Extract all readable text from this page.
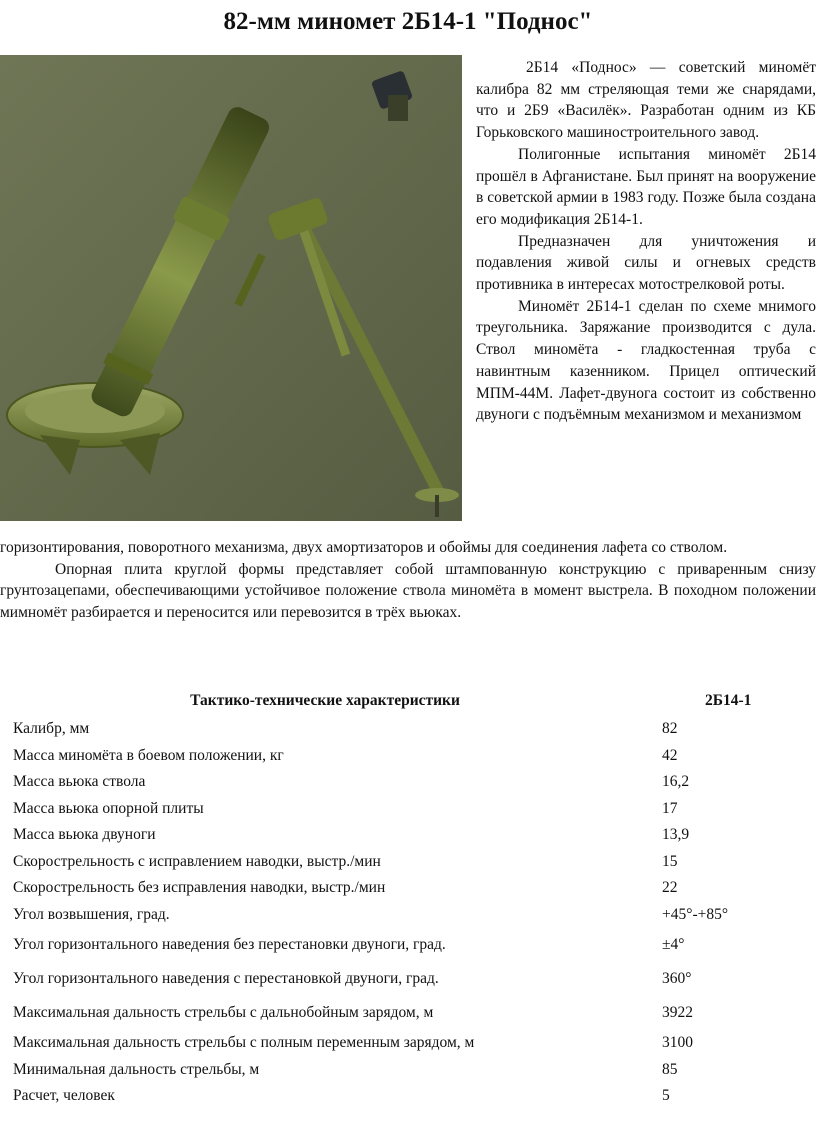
82-мм миномет 2Б14-1 "Поднос"

2Б14 «Поднос» — советский миномёт калибра 82 мм стреляющая теми же снарядами, что и 2Б9 «Василёк». Разработан одним из КБ Горьковского машиностроительного завод.

Полигонные испытания миномёт 2Б14 прошёл в Афганистане. Был принят на вооружение в советской армии в 1983 году. Позже была создана его модификация 2Б14-1.

Предназначен для уничтожения и подавления живой силы и огневых средств противника в интересах мотострелковой роты.

Миномёт 2Б14-1 сделан по схеме мнимого треугольника. Заряжание производится с дула. Ствол миномёта - гладкостенная труба с навинтным казенником. Прицел оптический МПМ-44М. Лафет-двунога состоит из собственно двуноги с подъёмным механизмом и механизмом

горизонтирования, поворотного механизма, двух амортизаторов и обоймы для соединения лафета со стволом.

Опорная плита круглой формы представляет собой штампованную конструкцию с приваренным снизу грунтозацепами, обеспечивающими устойчивое положение ствола миномёта в момент выстрела. В походном положении мимномёт разбирается и переносится или перевозится в трёх вьюках.

Тактико-технические характеристики	2Б14-1
Калибр, мм	82
Масса миномёта в боевом положении, кг	42
Масса вьюка ствола	16,2
Масса вьюка опорной плиты	17
Масса вьюка двуноги	13,9
Скорострельность с исправлением наводки, выстр./мин	15
Скорострельность без исправления наводки, выстр./мин	22
Угол возвышения, град.	+45°-+85°
Угол горизонтального наведения без перестановки двуноги, град.	±4°
Угол горизонтального наведения с перестановкой двуноги, град.	360°
Максимальная дальность стрельбы с дальнобойным зарядом, м	3922
Максимальная дальность стрельбы с полным переменным зарядом, м	3100
Минимальная дальность стрельбы, м	85
Расчет, человек	5
